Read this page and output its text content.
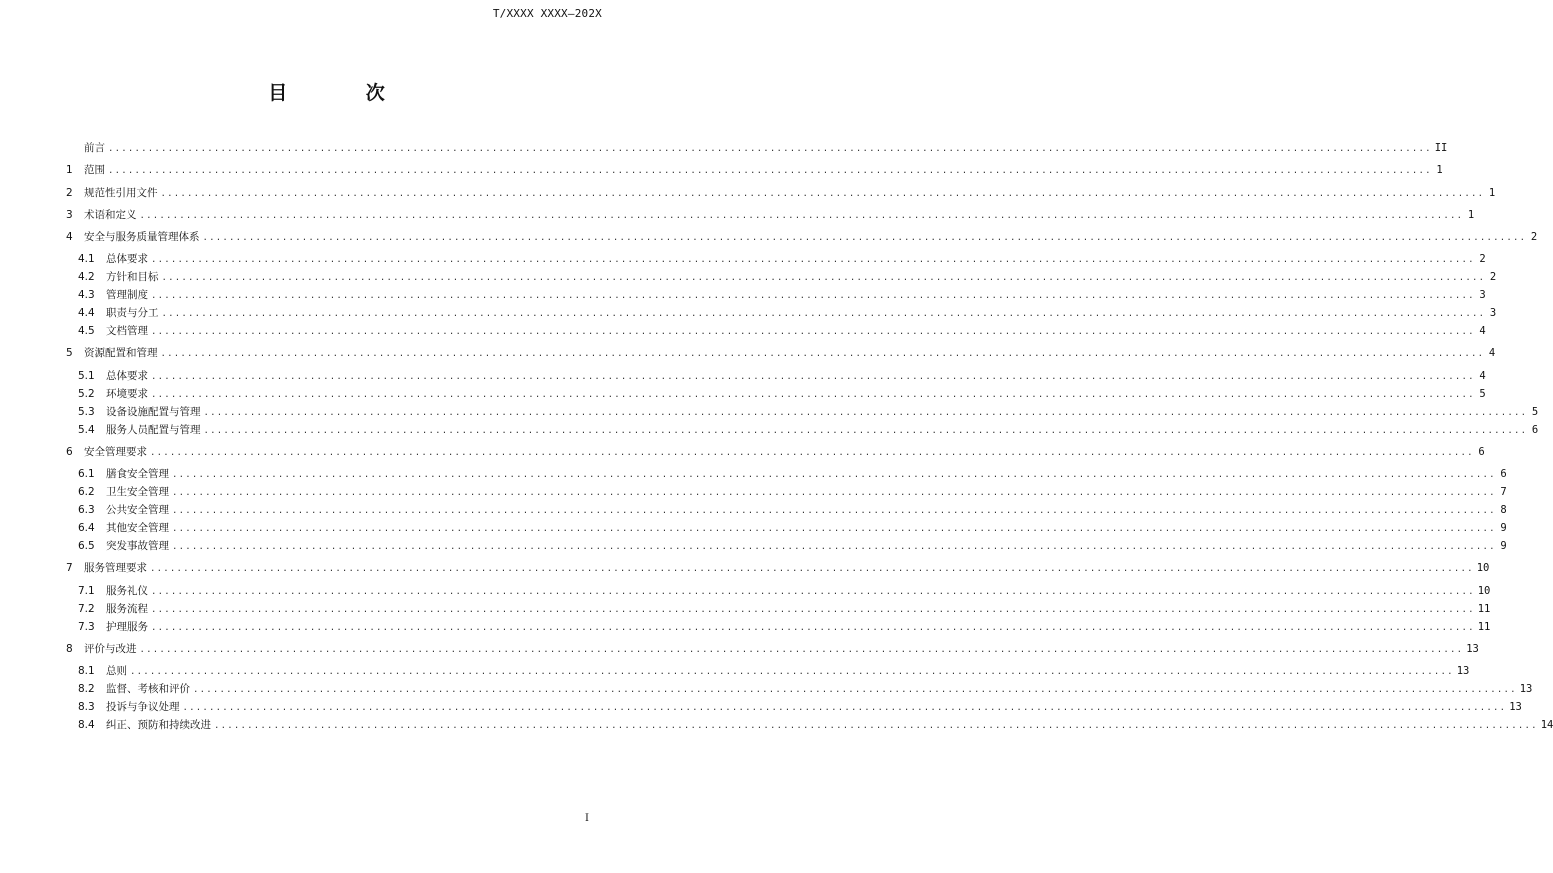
T/XXXX XXXX—202X
目 次
前言 ........................................................................................................................................................................................................ II
1	范围 ........................................................................................................................................................................................................ 1
2	规范性引用文件 ........................................................................................................................................................................................................ 1
3	术语和定义 ........................................................................................................................................................................................................ 1
4	安全与服务质量管理体系 ........................................................................................................................................................................................................ 2
4.1	总体要求 ........................................................................................................................................................................................................ 2
4.2	方针和目标 ........................................................................................................................................................................................................ 2
4.3	管理制度 ........................................................................................................................................................................................................ 3
4.4	职责与分工 ........................................................................................................................................................................................................ 3
4.5	文档管理 ........................................................................................................................................................................................................ 4
5	资源配置和管理 ........................................................................................................................................................................................................ 4
5.1	总体要求 ........................................................................................................................................................................................................ 4
5.2	环境要求 ........................................................................................................................................................................................................ 5
5.3	设备设施配置与管理 ........................................................................................................................................................................................................ 5
5.4	服务人员配置与管理 ........................................................................................................................................................................................................ 6
6	安全管理要求 ........................................................................................................................................................................................................ 6
6.1	膳食安全管理 ........................................................................................................................................................................................................ 6
6.2	卫生安全管理 ........................................................................................................................................................................................................ 7
6.3	公共安全管理 ........................................................................................................................................................................................................ 8
6.4	其他安全管理 ........................................................................................................................................................................................................ 9
6.5	突发事故管理 ........................................................................................................................................................................................................ 9
7	服务管理要求 ........................................................................................................................................................................................................ 10
7.1	服务礼仪 ........................................................................................................................................................................................................ 10
7.2	服务流程 ........................................................................................................................................................................................................ 11
7.3	护理服务 ........................................................................................................................................................................................................ 11
8	评价与改进 ........................................................................................................................................................................................................ 13
8.1	总则 ........................................................................................................................................................................................................ 13
8.2	监督、考核和评价 ........................................................................................................................................................................................................ 13
8.3	投诉与争议处理 ........................................................................................................................................................................................................ 13
8.4	纠正、预防和持续改进 ........................................................................................................................................................................................................ 14
I
